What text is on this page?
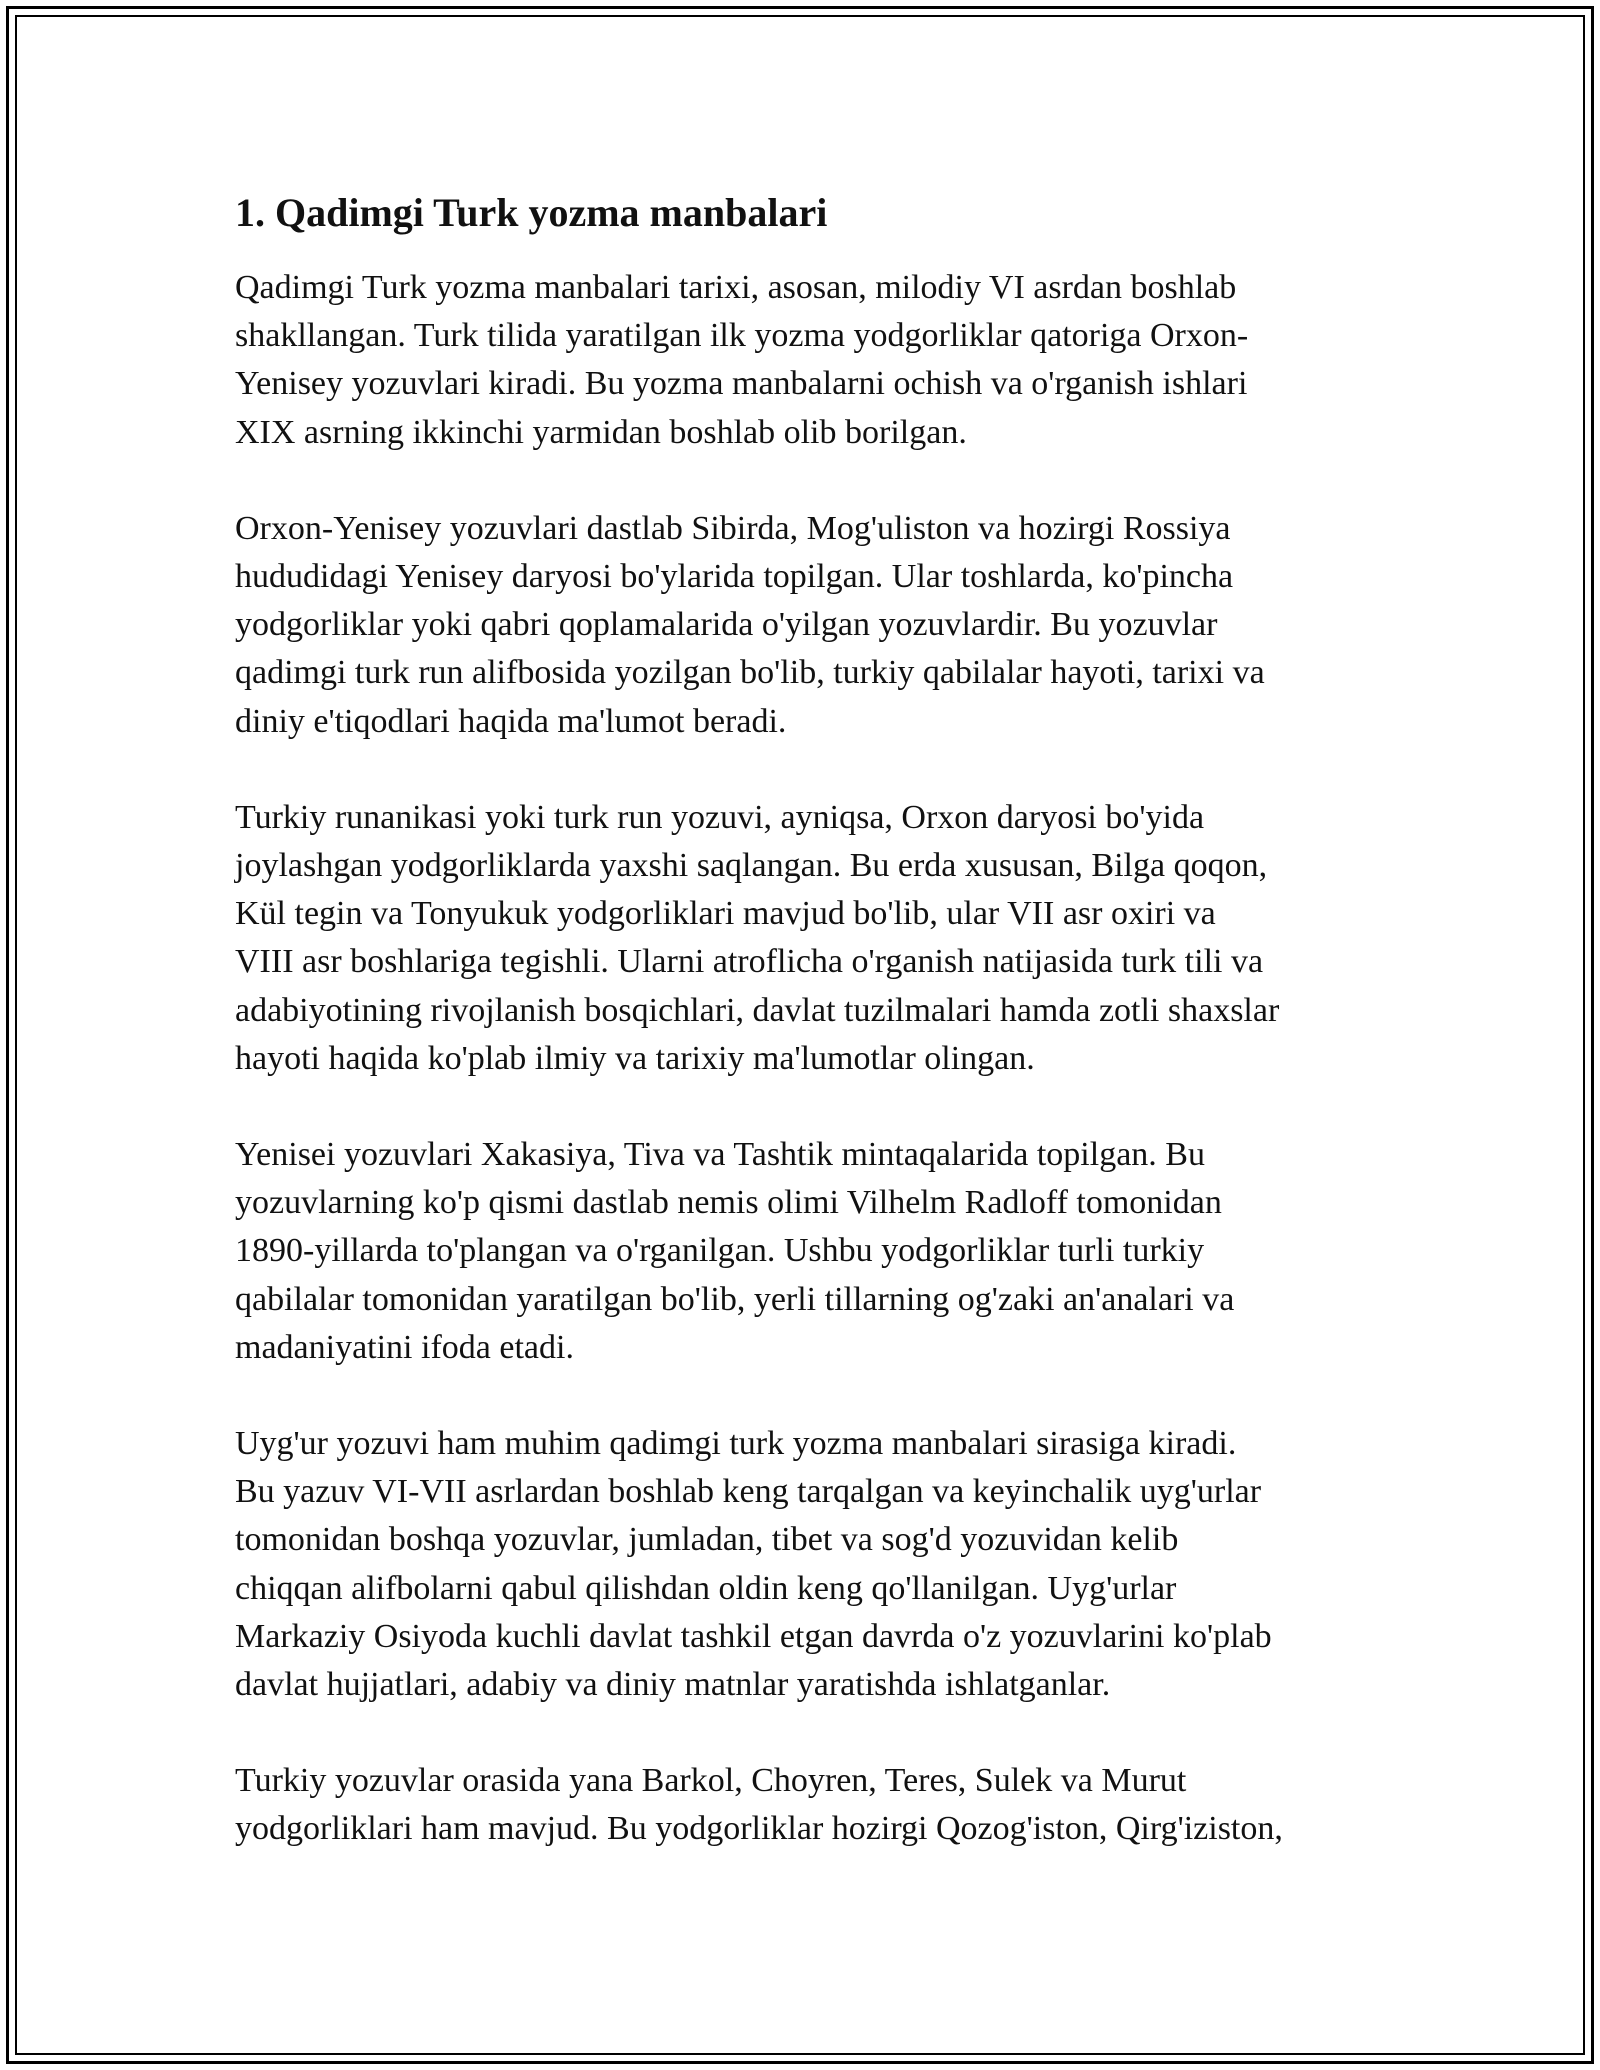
1. Qadimgi Turk yozma manbalari

Qadimgi Turk yozma manbalari tarixi, asosan, milodiy VI asrdan boshlab
shakllangan. Turk tilida yaratilgan ilk yozma yodgorliklar qatoriga Orxon-
Yenisey yozuvlari kiradi. Bu yozma manbalarni ochish va o'rganish ishlari
XIX asrning ikkinchi yarmidan boshlab olib borilgan.

Orxon-Yenisey yozuvlari dastlab Sibirda, Mog'uliston va hozirgi Rossiya
hududidagi Yenisey daryosi bo'ylarida topilgan. Ular toshlarda, ko'pincha
yodgorliklar yoki qabri qoplamalarida o'yilgan yozuvlardir. Bu yozuvlar
qadimgi turk run alifbosida yozilgan bo'lib, turkiy qabilalar hayoti, tarixi va
diniy e'tiqodlari haqida ma'lumot beradi.

Turkiy runanikasi yoki turk run yozuvi, ayniqsa, Orxon daryosi bo'yida
joylashgan yodgorliklarda yaxshi saqlangan. Bu erda xususan, Bilga qoqon,
Kül tegin va Tonyukuk yodgorliklari mavjud bo'lib, ular VII asr oxiri va
VIII asr boshlariga tegishli. Ularni atroflicha o'rganish natijasida turk tili va
adabiyotining rivojlanish bosqichlari, davlat tuzilmalari hamda zotli shaxslar
hayoti haqida ko'plab ilmiy va tarixiy ma'lumotlar olingan.

Yenisei yozuvlari Xakasiya, Tiva va Tashtik mintaqalarida topilgan. Bu
yozuvlarning ko'p qismi dastlab nemis olimi Vilhelm Radloff tomonidan
1890-yillarda to'plangan va o'rganilgan. Ushbu yodgorliklar turli turkiy
qabilalar tomonidan yaratilgan bo'lib, yerli tillarning og'zaki an'analari va
madaniyatini ifoda etadi.

Uyg'ur yozuvi ham muhim qadimgi turk yozma manbalari sirasiga kiradi.
Bu yazuv VI-VII asrlardan boshlab keng tarqalgan va keyinchalik uyg'urlar
tomonidan boshqa yozuvlar, jumladan, tibet va sog'd yozuvidan kelib
chiqqan alifbolarni qabul qilishdan oldin keng qo'llanilgan. Uyg'urlar
Markaziy Osiyoda kuchli davlat tashkil etgan davrda o'z yozuvlarini ko'plab
davlat hujjatlari, adabiy va diniy matnlar yaratishda ishlatganlar.

Turkiy yozuvlar orasida yana Barkol, Choyren, Teres, Sulek va Murut
yodgorliklari ham mavjud. Bu yodgorliklar hozirgi Qozog'iston, Qirg'iziston,
